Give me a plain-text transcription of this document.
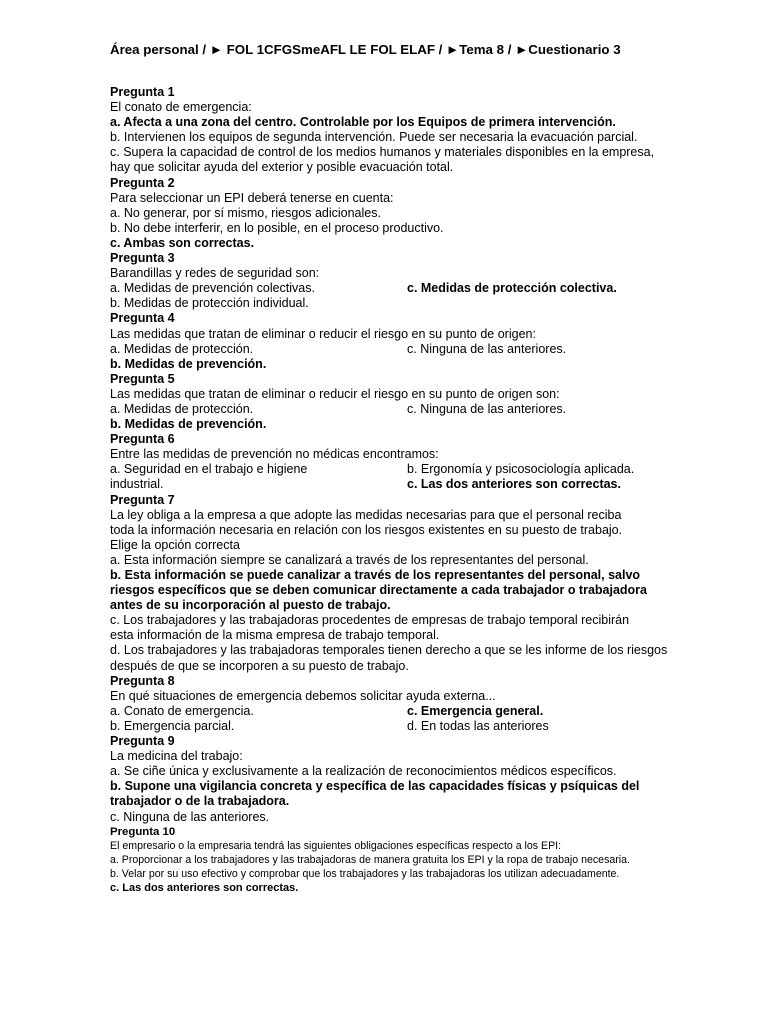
Área personal / ► FOL 1CFGSmeAFL LE FOL ELAF / ►Tema 8 / ►Cuestionario 3
Pregunta 1
El conato de emergencia:
a. Afecta a una zona del centro. Controlable por los Equipos de primera intervención.
b. Intervienen los equipos de segunda intervención. Puede ser necesaria la evacuación parcial.
c. Supera la capacidad de control de los medios humanos y materiales disponibles en la empresa, hay que solicitar ayuda del exterior y posible evacuación total.
Pregunta 2
Para seleccionar un EPI deberá tenerse en cuenta:
a. No generar, por sí mismo, riesgos adicionales.
b. No debe interferir, en lo posible, en el proceso productivo.
c. Ambas son correctas.
Pregunta 3
Barandillas y redes de seguridad son:
a. Medidas de prevención colectivas.	c. Medidas de protección colectiva.
b. Medidas de protección individual.
Pregunta 4
Las medidas que tratan de eliminar o reducir el riesgo en su punto de origen:
a. Medidas de protección.	c. Ninguna de las anteriores.
b. Medidas de prevención.
Pregunta 5
Las medidas que tratan de eliminar o reducir el riesgo en su punto de origen son:
a. Medidas de protección.	c. Ninguna de las anteriores.
b. Medidas de prevención.
Pregunta 6
Entre las medidas de prevención no médicas encontramos:
a. Seguridad en el trabajo e higiene industrial.
b. Ergonomía y psicosociología aplicada.
c. Las dos anteriores son correctas.
Pregunta 7
La ley obliga a la empresa a que adopte las medidas necesarias para que el personal reciba toda la información necesaria en relación con los riesgos existentes en su puesto de trabajo. Elige la opción correcta
a. Esta información siempre se canalizará a través de los representantes del personal.
b. Esta información se puede canalizar a través de los representantes del personal, salvo riesgos específicos que se deben comunicar directamente a cada trabajador o trabajadora antes de su incorporación al puesto de trabajo.
c. Los trabajadores y las trabajadoras procedentes de empresas de trabajo temporal recibirán esta información de la misma empresa de trabajo temporal.
d. Los trabajadores y las trabajadoras temporales tienen derecho a que se les informe de los riesgos después de que se incorporen a su puesto de trabajo.
Pregunta 8
En qué situaciones de emergencia debemos solicitar ayuda externa...
a. Conato de emergencia.	c. Emergencia general.
b. Emergencia parcial.	d. En todas las anteriores
Pregunta 9
La medicina del trabajo:
a. Se ciñe única y exclusivamente a la realización de reconocimientos médicos específicos.
b. Supone una vigilancia concreta y específica de las capacidades físicas y psíquicas del trabajador o de la trabajadora.
c. Ninguna de las anteriores.
Pregunta 10
El empresario o la empresaria tendrá las siguientes obligaciones específicas respecto a los EPI:
a. Proporcionar a los trabajadores y las trabajadoras de manera gratuita los EPI y la ropa de trabajo necesaria.
b. Velar por su uso efectivo y comprobar que los trabajadores y las trabajadoras los utilizan adecuadamente.
c. Las dos anteriores son correctas.
